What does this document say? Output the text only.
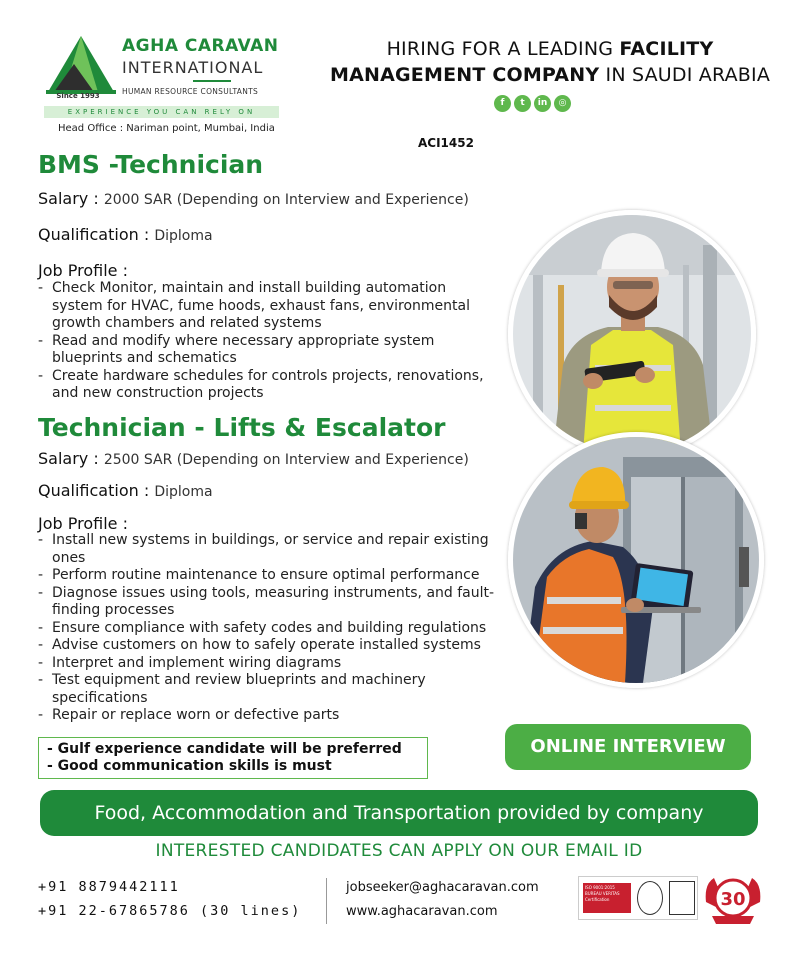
Since 1993
AGHA CARAVAN
INTERNATIONAL
HUMAN RESOURCE CONSULTANTS
EXPERIENCE YOU CAN RELY ON
Head Office : Nariman point, Mumbai, India
HIRING FOR A LEADING FACILITY
MANAGEMENT COMPANY IN SAUDI ARABIA
f	t	in	◎
ACI1452
BMS -Technician
Salary : 2000 SAR (Depending on Interview and Experience)
Qualification : Diploma
Job Profile :
- Check Monitor, maintain and install building automation system for HVAC, fume hoods, exhaust fans, environmental growth chambers and related systems
- Read and modify where necessary appropriate system blueprints and schematics
- Create hardware schedules for controls projects, renovations, and new construction projects
Technician - Lifts & Escalator
Salary : 2500 SAR (Depending on Interview and Experience)
Qualification : Diploma
Job Profile :
- Install new systems in buildings, or service and repair existing ones
- Perform routine maintenance to ensure optimal performance
- Diagnose issues using tools, measuring instruments, and fault-finding processes
- Ensure compliance with safety codes and building regulations
- Advise customers on how to safely operate installed systems
- Interpret and implement wiring diagrams
- Test equipment and review blueprints and machinery specifications
- Repair or replace worn or defective parts
- Gulf experience candidate will be preferred
- Good communication skills is must
ONLINE INTERVIEW
Food, Accommodation and Transportation provided by company
INTERESTED CANDIDATES CAN APPLY ON OUR EMAIL ID
+91 8879442111
+91 22-67865786 (30 lines)
jobseeker@aghacaravan.com
www.aghacaravan.com
ISO 9001:2015 BUREAU VERITAS Certification	30
